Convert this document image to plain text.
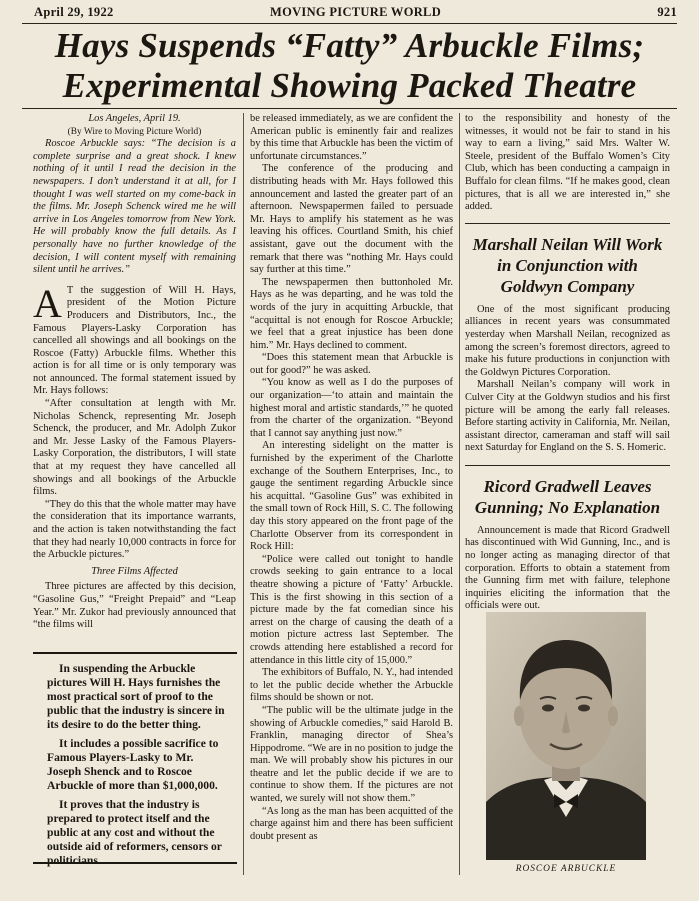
April 29, 1922	MOVING PICTURE WORLD	921
Hays Suspends “Fatty” Arbuckle Films;
Experimental Showing Packed Theatre

Los Angeles, April 19.

(By Wire to Moving Picture World)

Roscoe Arbuckle says: “The decision is a complete surprise and a great shock. I knew nothing of it until I read the decision in the newspapers. I don’t understand it at all, for I thought I was well started on my come-back in the films. Mr. Joseph Schenck wired me he will arrive in Los Angeles tomorrow from New York. He will probably know the full details. As I personally have no further knowledge of the decision, I will content myself with remaining silent until he arrives.”

A T the suggestion of Will H. Hays, president of the Motion Picture Producers and Distributors, Inc., the Famous Players-Lasky Corporation has cancelled all showings and all bookings on the Roscoe (Fatty) Arbuckle films. Whether this action is for all time or is only temporary was not announced. The formal statement issued by Mr. Hays follows:

“After consultation at length with Mr. Nicholas Schenck, representing Mr. Joseph Schenck, the producer, and Mr. Adolph Zukor and Mr. Jesse Lasky of the Famous Players-Lasky Corporation, the distributors, I will state that at my request they have cancelled all showings and all bookings of the Arbuckle films.

“They do this that the whole matter may have the consideration that its importance warrants, and the action is taken notwithstanding the fact that they had nearly 10,000 contracts in force for the Arbuckle pictures.”

Three Films Affected

Three pictures are affected by this decision, “Gasoline Gus,” “Freight Prepaid” and “Leap Year.” Mr. Zukor had previously announced that “the films will

In suspending the Arbuckle pictures Will H. Hays furnishes the most practical sort of proof to the public that the industry is sincere in its desire to do the better thing.

It includes a possible sacrifice to Famous Players-Lasky to Mr. Joseph Shenck and to Roscoe Arbuckle of more than $1,000,000.

It proves that the industry is prepared to protect itself and the public at any cost and without the outside aid of reformers, censors or politicians.

be released immediately, as we are confident the American public is eminently fair and realizes by this time that Arbuckle has been the victim of unfortunate circumstances.”

The conference of the producing and distributing heads with Mr. Hays followed this announcement and lasted the greater part of an afternoon. Newspapermen failed to persuade Mr. Hays to amplify his statement as he was leaving his offices. Courtland Smith, his chief assistant, gave out the document with the remark that there was “nothing Mr. Hays could say further at this time.”

The newspapermen then buttonholed Mr. Hays as he was departing, and he was told the words of the jury in acquitting Arbuckle, that “acquittal is not enough for Roscoe Arbuckle; we feel that a great injustice has been done him.” Mr. Hays declined to comment.

“Does this statement mean that Arbuckle is out for good?” he was asked.

“You know as well as I do the purposes of our organization—‘to attain and maintain the highest moral and artistic standards,’” he quoted from the charter of the organization. “Beyond that I cannot say anything just now.”

An interesting sidelight on the matter is furnished by the experiment of the Charlotte exchange of the Southern Enterprises, Inc., to gauge the sentiment regarding Arbuckle since his acquittal. “Gasoline Gus” was exhibited in the small town of Rock Hill, S. C. The following day this story appeared on the front page of the Charlotte Observer from its correspondent in Rock Hill:

“Police were called out tonight to handle crowds seeking to gain entrance to a local theatre showing a picture of ‘Fatty’ Arbuckle. This is the first showing in this section of a picture made by the fat comedian since his arrest on the charge of causing the death of a motion picture actress last September. The crowds attending here established a record for attendance in this little city of 15,000.”

The exhibitors of Buffalo, N. Y., had intended to let the public decide whether the Arbuckle films should be shown or not.

“The public will be the ultimate judge in the showing of Arbuckle comedies,” said Harold B. Franklin, managing director of Shea’s Hippodrome. “We are in no position to judge the man. We will probably show his pictures in our theatre and let the public decide if we are to continue to show them. If the pictures are not wanted, we surely will not show them.”

“As long as the man has been acquitted of the charge against him and there has been sufficient doubt present as

to the responsibility and honesty of the witnesses, it would not be fair to stand in his way to earn a living,” said Mrs. Walter W. Steele, president of the Buffalo Women’s City Club, which has been conducting a campaign in Buffalo for clean films. “If he makes good, clean pictures, that is all we are interested in,” she added.

Marshall Neilan Will Work in Conjunction with Goldwyn Company

One of the most significant producing alliances in recent years was consummated yesterday when Marshall Neilan, recognized as among the screen’s foremost directors, agreed to make his future productions in conjunction with the Goldwyn Pictures Corporation.

Marshall Neilan’s company will work in Culver City at the Goldwyn studios and his first picture will be among the early fall releases. Before starting activity in California, Mr. Neilan, assistant director, cameraman and staff will sail next Saturday for England on the S. S. Homeric.

Ricord Gradwell Leaves Gunning; No Explanation

Announcement is made that Ricord Gradwell has discontinued with Wid Gunning, Inc., and is no longer acting as managing director of that corporation. Efforts to obtain a statement from the Gunning firm met with failure, telephone inquiries eliciting the information that the officials were out.

ROSCOE ARBUCKLE
